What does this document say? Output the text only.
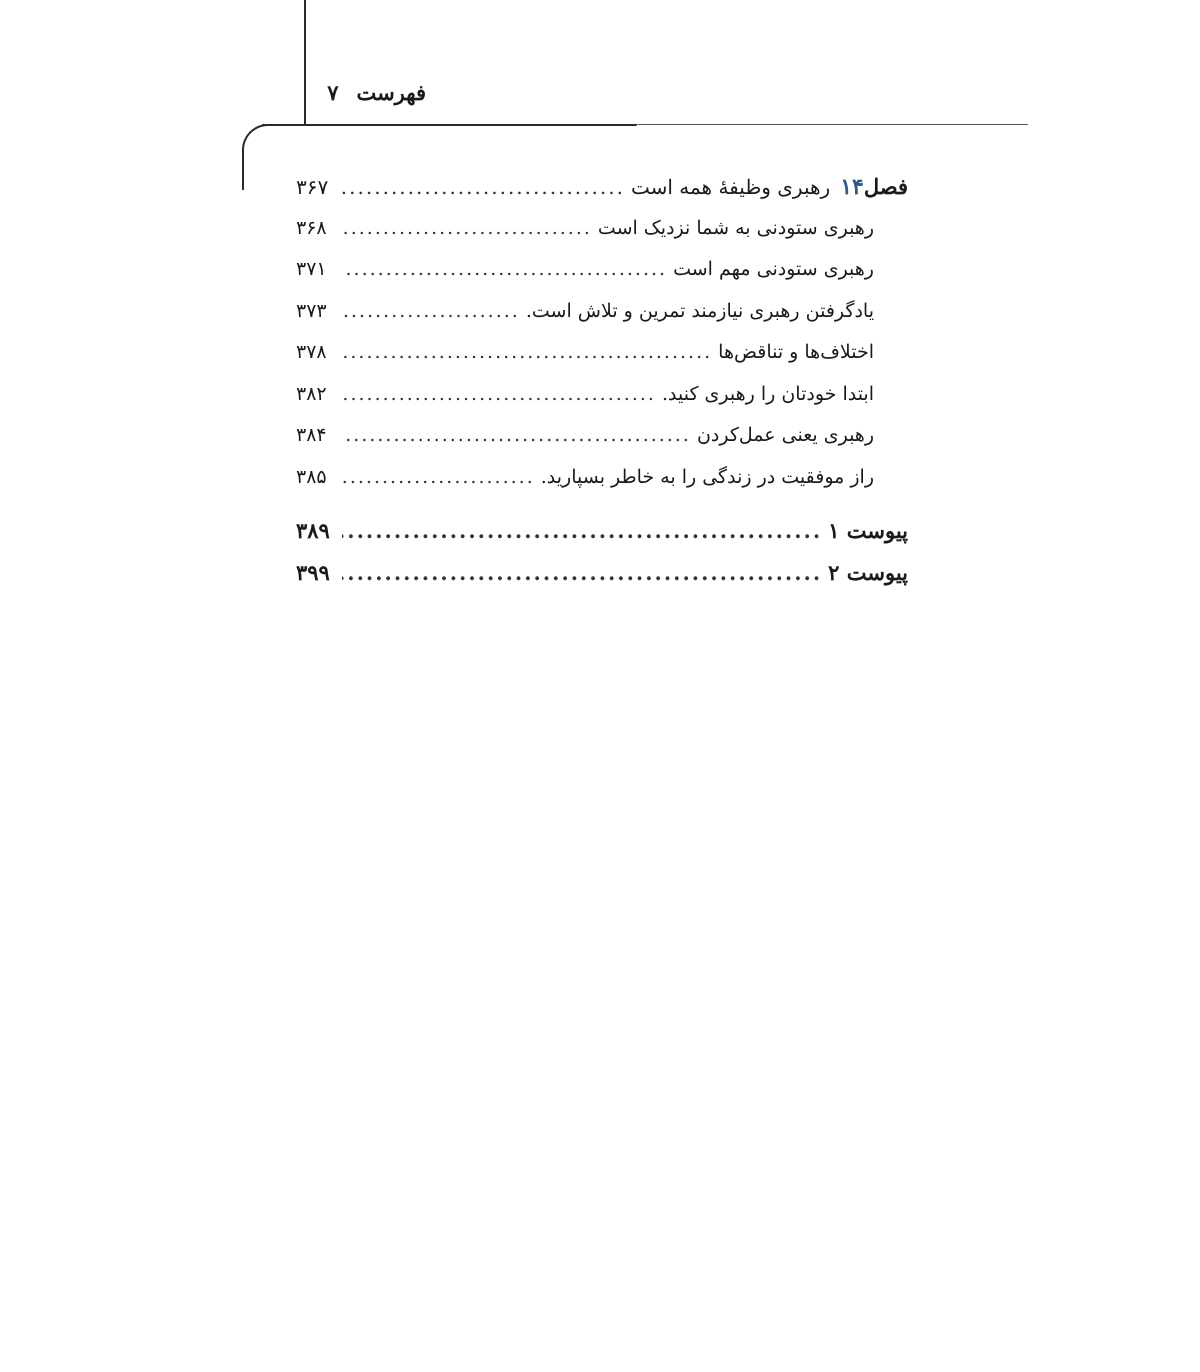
فهرست
۷
فصل۱۴رهبری وظیفهٔ همه است
.....
۳۶۷
رهبری ستودنی به شما نزدیک است
.....
۳۶۸
رهبری ستودنی مهم است
.....
۳۷۱
یادگرفتن رهبری نیازمند تمرین و تلاش است.
.....
۳۷۳
اختلاف‌ها و تناقض‌ها
.....
۳۷۸
ابتدا خودتان را رهبری کنید.
.....
۳۸۲
رهبری یعنی عمل‌کردن
.....
۳۸۴
راز موفقیت در زندگی را به خاطر بسپارید.
.....
۳۸۵
پیوست ۱
.....
۳۸۹
پیوست ۲
.....
۳۹۹
